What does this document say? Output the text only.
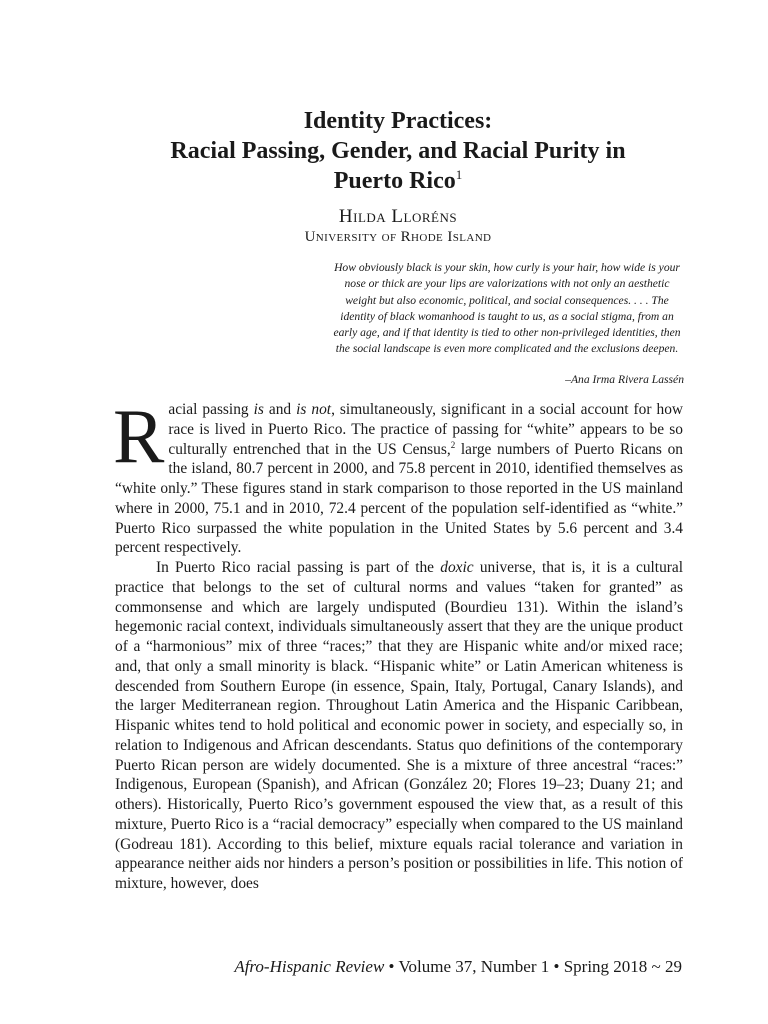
Identity Practices:
Racial Passing, Gender, and Racial Purity in
Puerto Rico$^1$
Hilda Lloréns
University of Rhode Island

How obviously black is your skin, how curly is your hair, how wide is your nose or thick are your lips are valorizations with not only an aesthetic weight but also economic, political, and social consequences. . . . The identity of black womanhood is taught to us, as a social stigma, from an early age, and if that identity is tied to other non-privileged identities, then the social landscape is even more complicated and the exclusions deepen.

–Ana Irma Rivera Lassén

Racial passing is and is not, simultaneously, significant in a social account for how race is lived in Puerto Rico. The practice of passing for “white” appears to be so culturally entrenched that in the US Census,$^2$ large numbers of Puerto Ricans on the island, 80.7 percent in 2000, and 75.8 percent in 2010, identified themselves as “white only.” These figures stand in stark comparison to those reported in the US mainland where in 2000, 75.1 and in 2010, 72.4 percent of the population self-identified as “white.” Puerto Rico surpassed the white population in the United States by 5.6 percent and 3.4 percent respectively.

In Puerto Rico racial passing is part of the doxic universe, that is, it is a cultural practice that belongs to the set of cultural norms and values “taken for granted” as commonsense and which are largely undisputed (Bourdieu 131). Within the island’s hegemonic racial context, individuals simultaneously assert that they are the unique product of a “harmonious” mix of three “races;” that they are Hispanic white and/or mixed race; and, that only a small minority is black. “Hispanic white” or Latin American whiteness is descended from Southern Europe (in essence, Spain, Italy, Portugal, Canary Islands), and the larger Mediterranean region. Throughout Latin America and the Hispanic Caribbean, Hispanic whites tend to hold political and economic power in society, and especially so, in relation to Indigenous and African descendants. Status quo definitions of the contemporary Puerto Rican person are widely documented. She is a mixture of three ancestral “races:” Indigenous, European (Spanish), and African (González 20; Flores 19–23; Duany 21; and others). Historically, Puerto Rico’s government espoused the view that, as a result of this mixture, Puerto Rico is a “racial democracy” especially when compared to the US mainland (Godreau 181). According to this belief, mixture equals racial tolerance and variation in appearance neither aids nor hinders a person’s position or possibilities in life. This notion of mixture, however, does

Afro-Hispanic Review • Volume 37, Number 1 • Spring 2018 ~ 29
